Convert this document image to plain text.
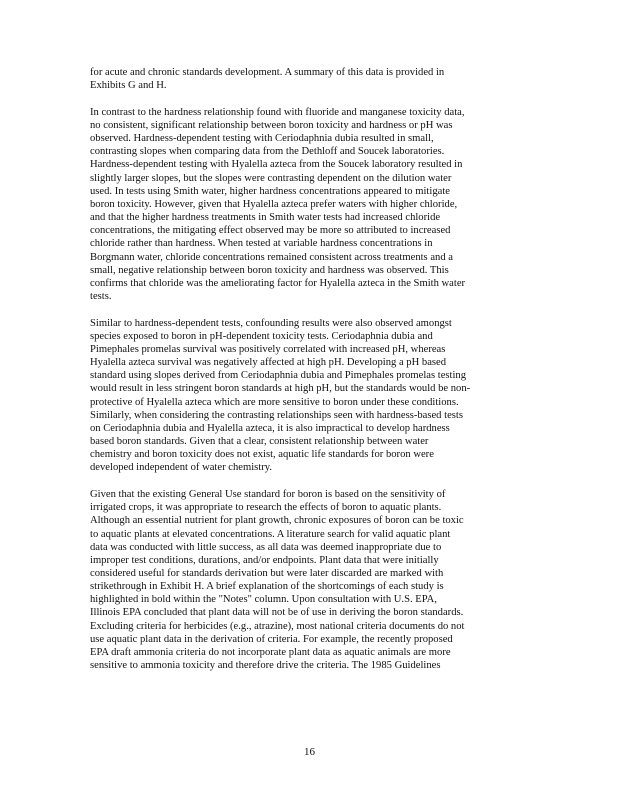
for acute and chronic standards development. A summary of this data is provided in
Exhibits G and H.
In contrast to the hardness relationship found with fluoride and manganese toxicity data,
no consistent, significant relationship between boron toxicity and hardness or pH was
observed. Hardness-dependent testing with Ceriodaphnia dubia resulted in small,
contrasting slopes when comparing data from the Dethloff and Soucek laboratories.
Hardness-dependent testing with Hyalella azteca from the Soucek laboratory resulted in
slightly larger slopes, but the slopes were contrasting dependent on the dilution water
used. In tests using Smith water, higher hardness concentrations appeared to mitigate
boron toxicity. However, given that Hyalella azteca prefer waters with higher chloride,
and that the higher hardness treatments in Smith water tests had increased chloride
concentrations, the mitigating effect observed may be more so attributed to increased
chloride rather than hardness. When tested at variable hardness concentrations in
Borgmann water, chloride concentrations remained consistent across treatments and a
small, negative relationship between boron toxicity and hardness was observed. This
confirms that chloride was the ameliorating factor for Hyalella azteca in the Smith water
tests.
Similar to hardness-dependent tests, confounding results were also observed amongst
species exposed to boron in pH-dependent toxicity tests. Ceriodaphnia dubia and
Pimephales promelas survival was positively correlated with increased pH, whereas
Hyalella azteca survival was negatively affected at high pH. Developing a pH based
standard using slopes derived from Ceriodaphnia dubia and Pimephales promelas testing
would result in less stringent boron standards at high pH, but the standards would be non-
protective of Hyalella azteca which are more sensitive to boron under these conditions.
Similarly, when considering the contrasting relationships seen with hardness-based tests
on Ceriodaphnia dubia and Hyalella azteca, it is also impractical to develop hardness
based boron standards. Given that a clear, consistent relationship between water
chemistry and boron toxicity does not exist, aquatic life standards for boron were
developed independent of water chemistry.
Given that the existing General Use standard for boron is based on the sensitivity of
irrigated crops, it was appropriate to research the effects of boron to aquatic plants.
Although an essential nutrient for plant growth, chronic exposures of boron can be toxic
to aquatic plants at elevated concentrations. A literature search for valid aquatic plant
data was conducted with little success, as all data was deemed inappropriate due to
improper test conditions, durations, and/or endpoints. Plant data that were initially
considered useful for standards derivation but were later discarded are marked with
strikethrough in Exhibit H. A brief explanation of the shortcomings of each study is
highlighted in bold within the "Notes" column. Upon consultation with U.S. EPA,
Illinois EPA concluded that plant data will not be of use in deriving the boron standards.
Excluding criteria for herbicides (e.g., atrazine), most national criteria documents do not
use aquatic plant data in the derivation of criteria. For example, the recently proposed
EPA draft ammonia criteria do not incorporate plant data as aquatic animals are more
sensitive to ammonia toxicity and therefore drive the criteria. The 1985 Guidelines
16
